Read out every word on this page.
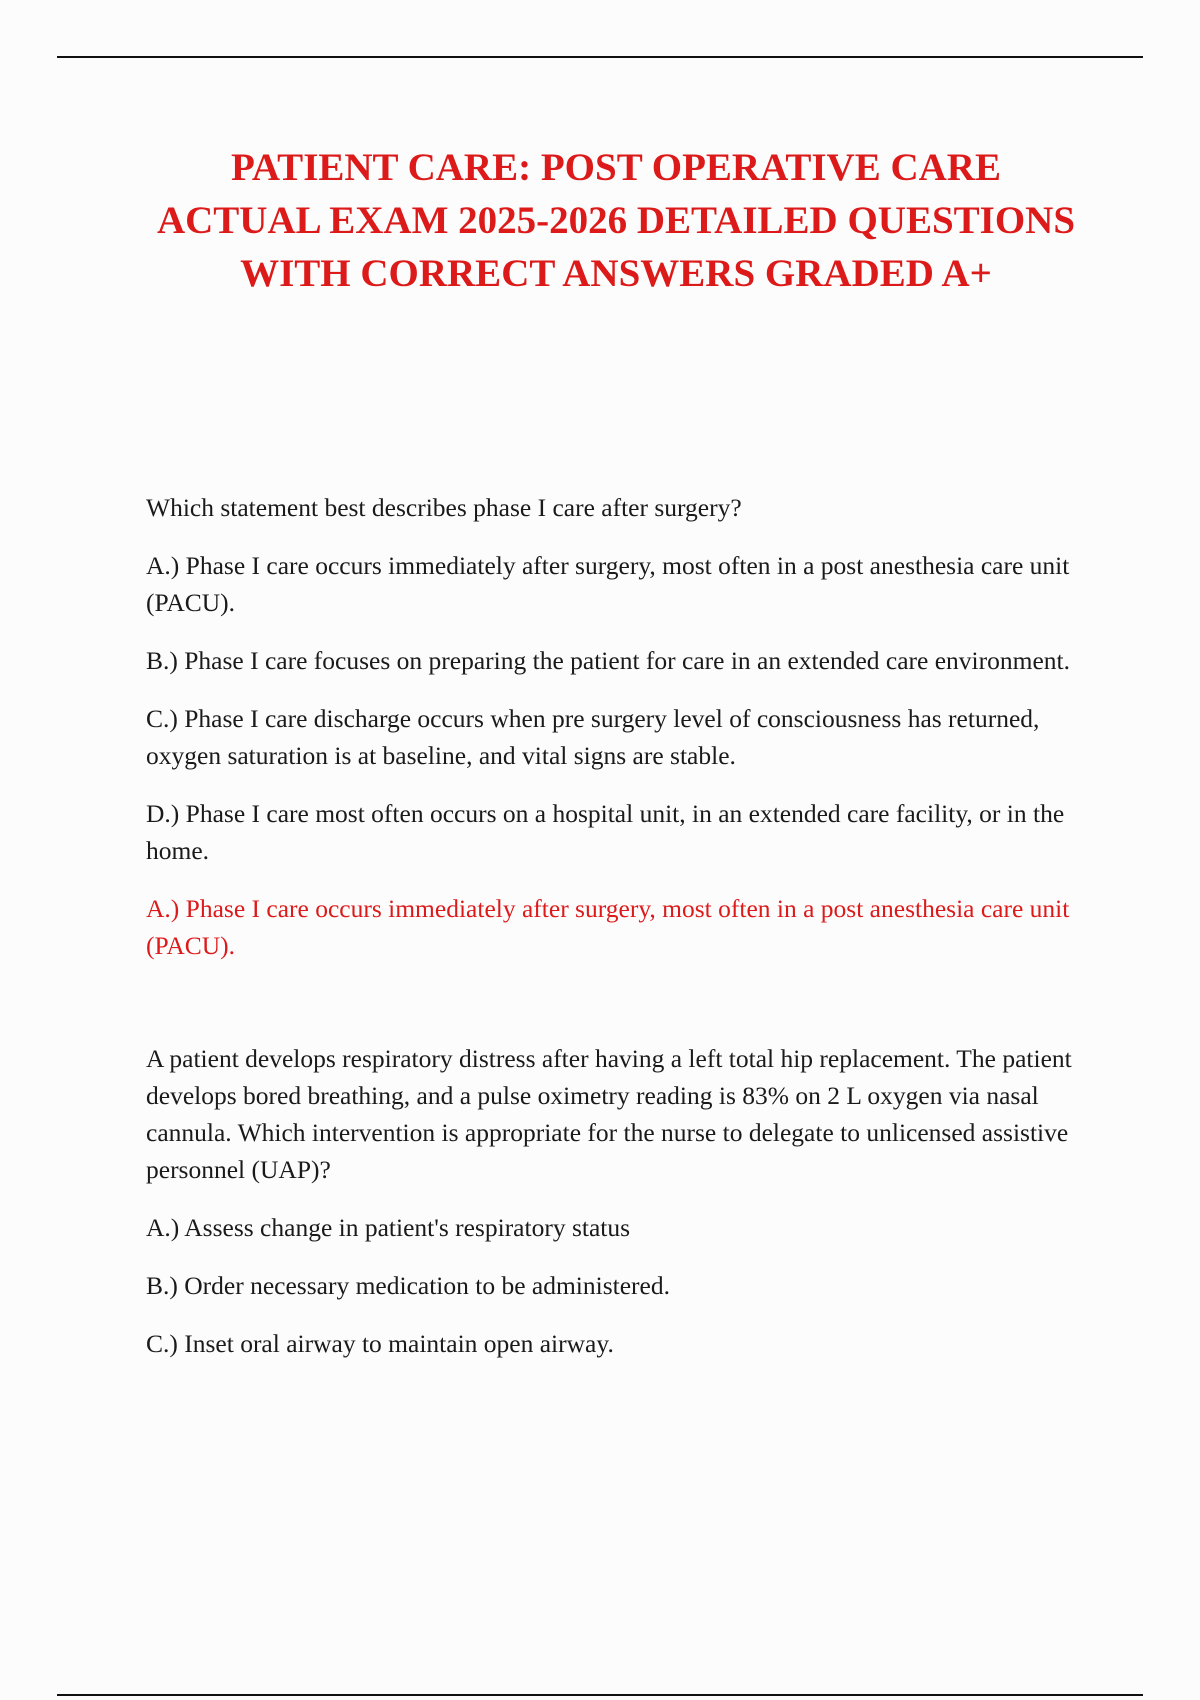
PATIENT CARE: POST OPERATIVE CARE ACTUAL EXAM 2025-2026 DETAILED QUESTIONS WITH CORRECT ANSWERS GRADED A+

Which statement best describes phase I care after surgery?

A.) Phase I care occurs immediately after surgery, most often in a post anesthesia care unit (PACU).

B.) Phase I care focuses on preparing the patient for care in an extended care environment.

C.) Phase I care discharge occurs when pre surgery level of consciousness has returned, oxygen saturation is at baseline, and vital signs are stable.

D.) Phase I care most often occurs on a hospital unit, in an extended care facility, or in the home.

A.) Phase I care occurs immediately after surgery, most often in a post anesthesia care unit (PACU).

A patient develops respiratory distress after having a left total hip replacement. The patient develops bored breathing, and a pulse oximetry reading is 83% on 2 L oxygen via nasal cannula. Which intervention is appropriate for the nurse to delegate to unlicensed assistive personnel (UAP)?

A.) Assess change in patient's respiratory status

B.) Order necessary medication to be administered.

C.) Inset oral airway to maintain open airway.
